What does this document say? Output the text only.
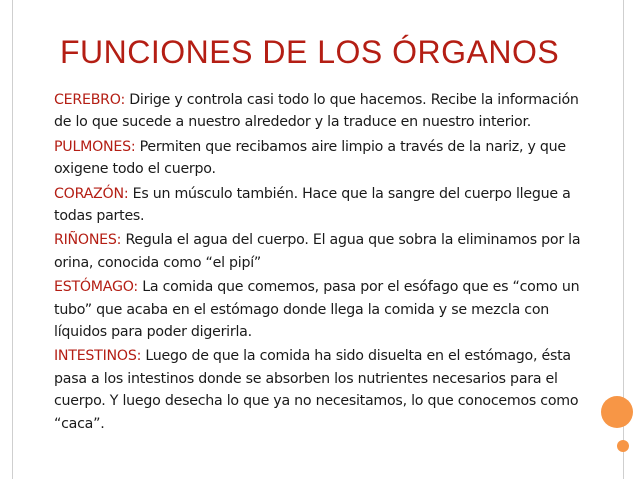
FUNCIONES DE LOS ÓRGANOS
CEREBRO: Dirige y controla casi todo lo que hacemos. Recibe la información de lo que sucede a nuestro alrededor y la traduce en nuestro interior.
PULMONES: Permiten que recibamos aire limpio a través de la nariz, y que oxigene todo el cuerpo.
CORAZÓN: Es un músculo también. Hace que la sangre del cuerpo llegue a todas partes.
RIÑONES: Regula el agua del cuerpo. El agua que sobra la eliminamos por la orina, conocida como “el pipí”
ESTÓMAGO: La comida que comemos, pasa por el esófago que es “como un tubo” que acaba en el estómago donde llega la comida y se mezcla con líquidos para poder digerirla.
INTESTINOS: Luego de que la comida ha sido disuelta en el estómago, ésta pasa a los intestinos donde se absorben los nutrientes necesarios para el cuerpo. Y luego desecha lo que ya no necesitamos, lo que conocemos como “caca”.
